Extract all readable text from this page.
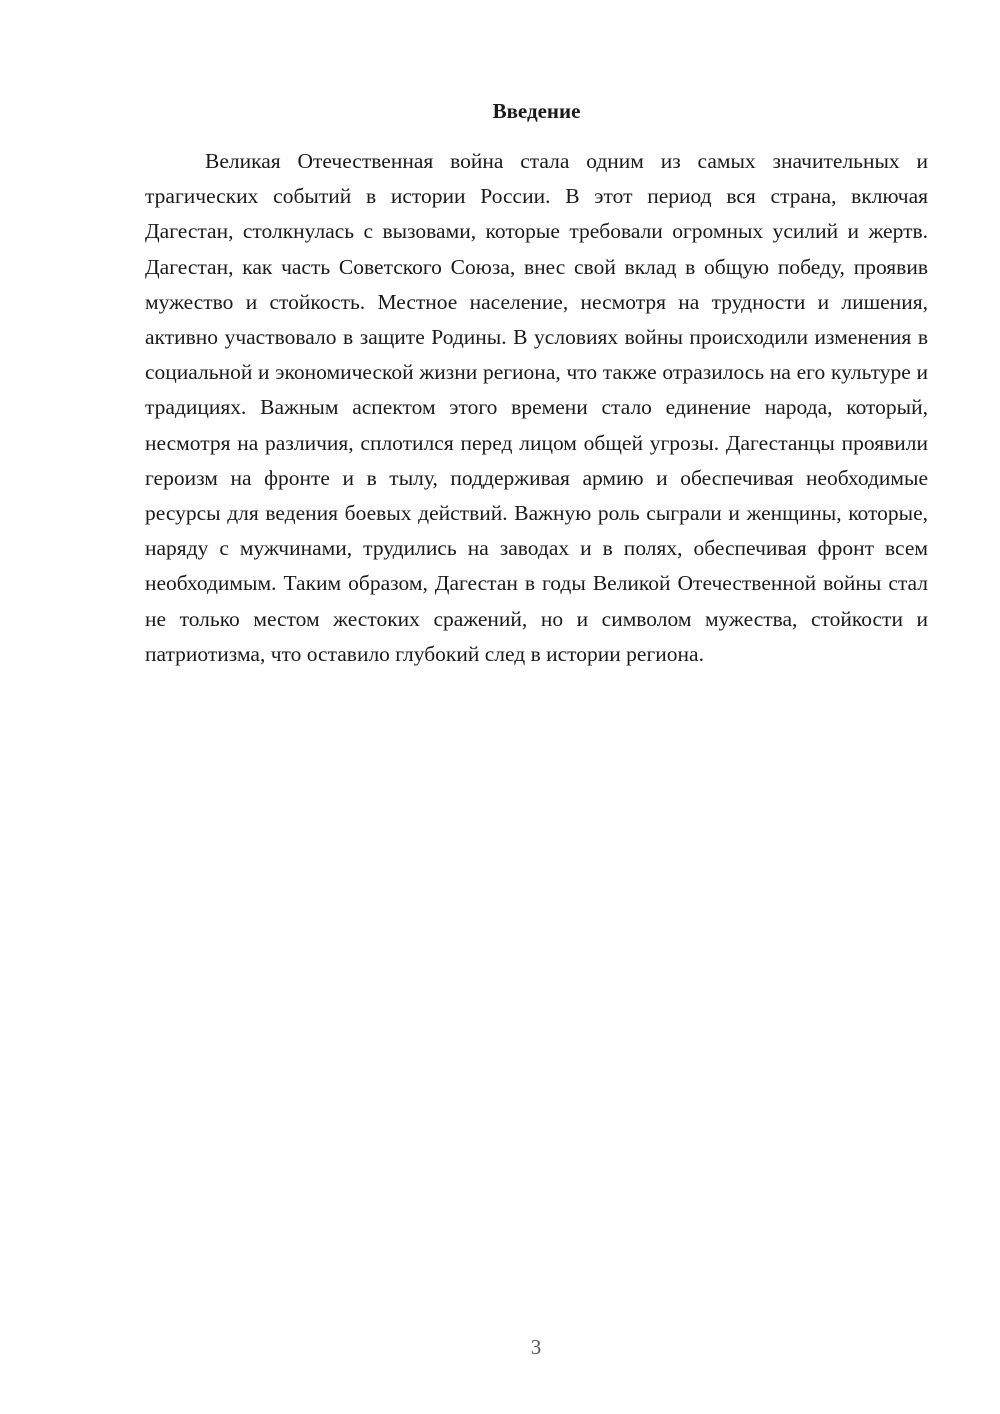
Введение

Великая Отечественная война стала одним из самых значительных и трагических событий в истории России. В этот период вся страна, включая Дагестан, столкнулась с вызовами, которые требовали огромных усилий и жертв. Дагестан, как часть Советского Союза, внес свой вклад в общую победу, проявив мужество и стойкость. Местное население, несмотря на трудности и лишения, активно участвовало в защите Родины. В условиях войны происходили изменения в социальной и экономической жизни региона, что также отразилось на его культуре и традициях. Важным аспектом этого времени стало единение народа, который, несмотря на различия, сплотился перед лицом общей угрозы. Дагестанцы проявили героизм на фронте и в тылу, поддерживая армию и обеспечивая необходимые ресурсы для ведения боевых действий. Важную роль сыграли и женщины, которые, наряду с мужчинами, трудились на заводах и в полях, обеспечивая фронт всем необходимым. Таким образом, Дагестан в годы Великой Отечественной войны стал не только местом жестоких сражений, но и символом мужества, стойкости и патриотизма, что оставило глубокий след в истории региона.

3
